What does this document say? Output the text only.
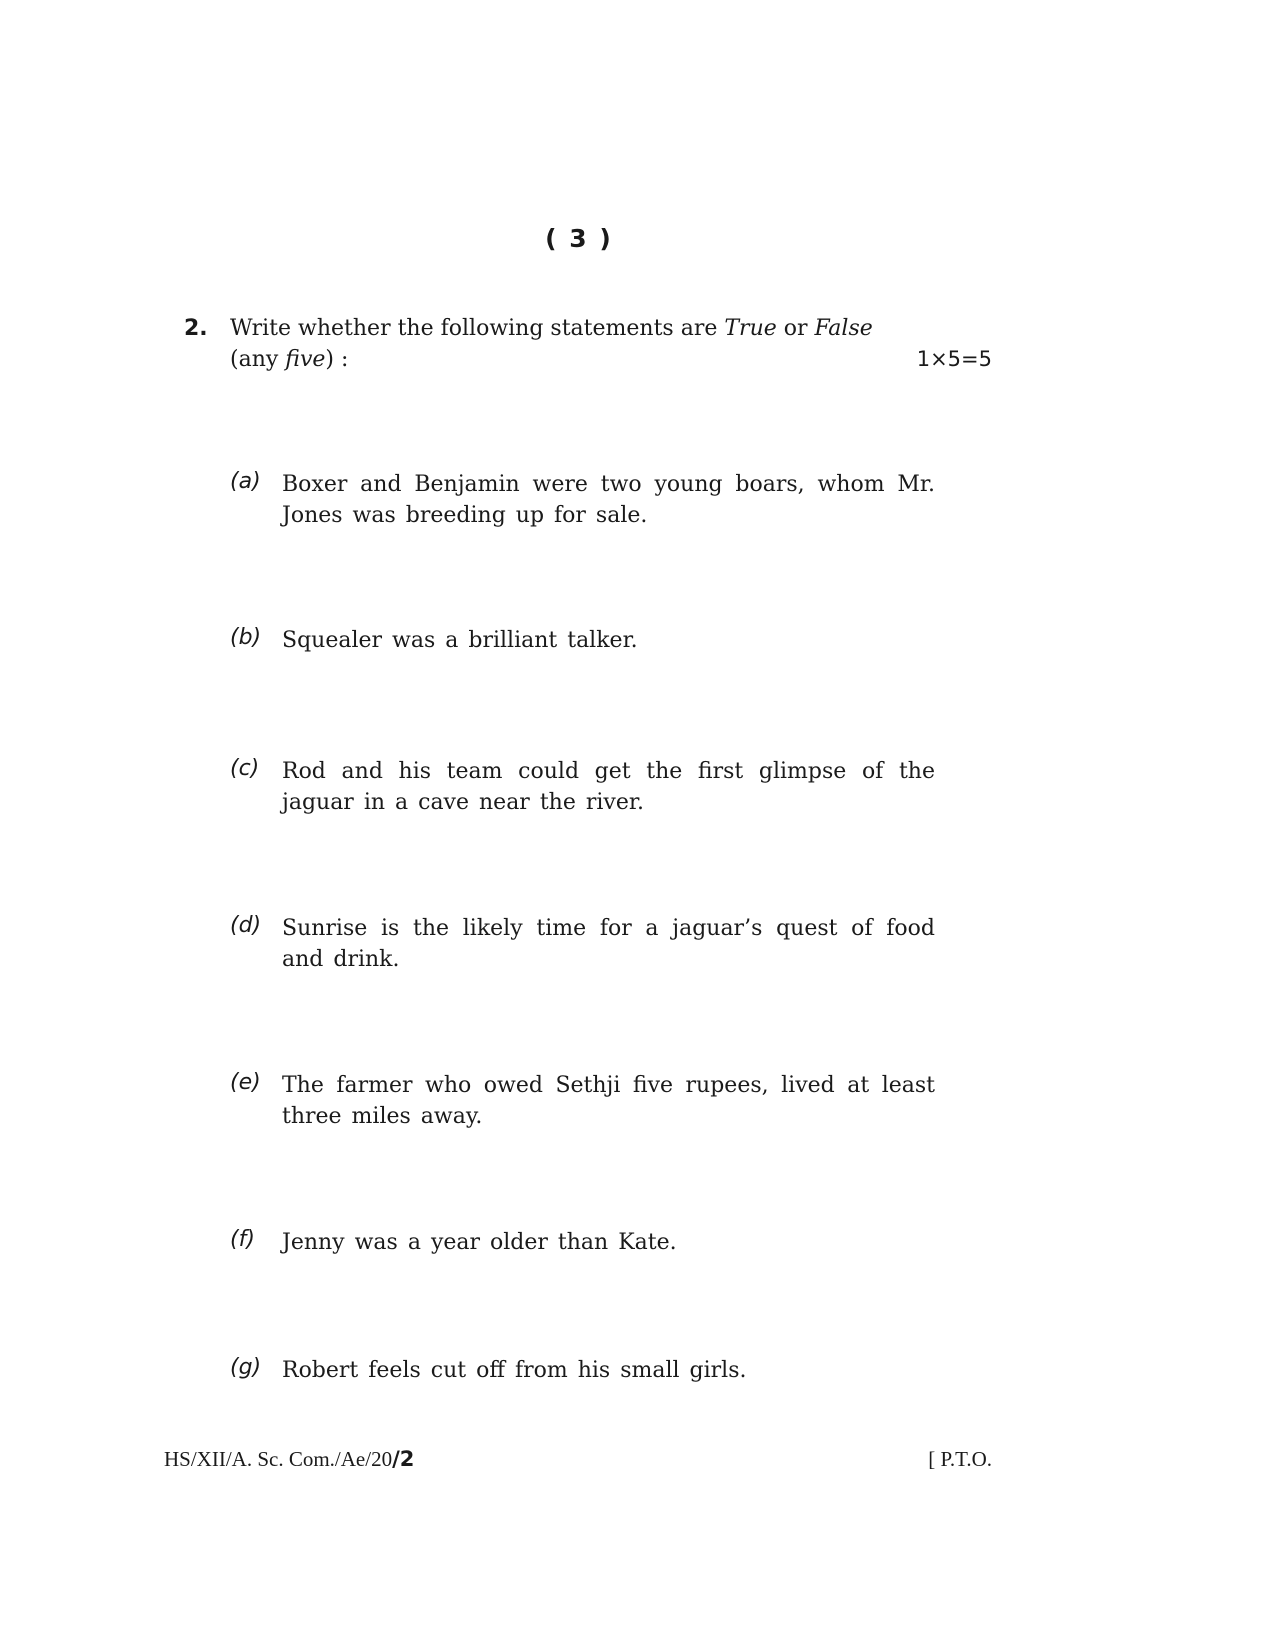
( 3 )
2. Write whether the following statements are True or False
(any five) :	1×5=5
(a) Boxer and Benjamin were two young boars, whom Mr. Jones was breeding up for sale.
(b) Squealer was a brilliant talker.
(c) Rod and his team could get the first glimpse of the jaguar in a cave near the river.
(d) Sunrise is the likely time for a jaguar’s quest of food and drink.
(e) The farmer who owed Sethji five rupees, lived at least three miles away.
(f) Jenny was a year older than Kate.
(g) Robert feels cut off from his small girls.
HS/XII/A. Sc. Com./Ae/20/2	[ P.T.O.
